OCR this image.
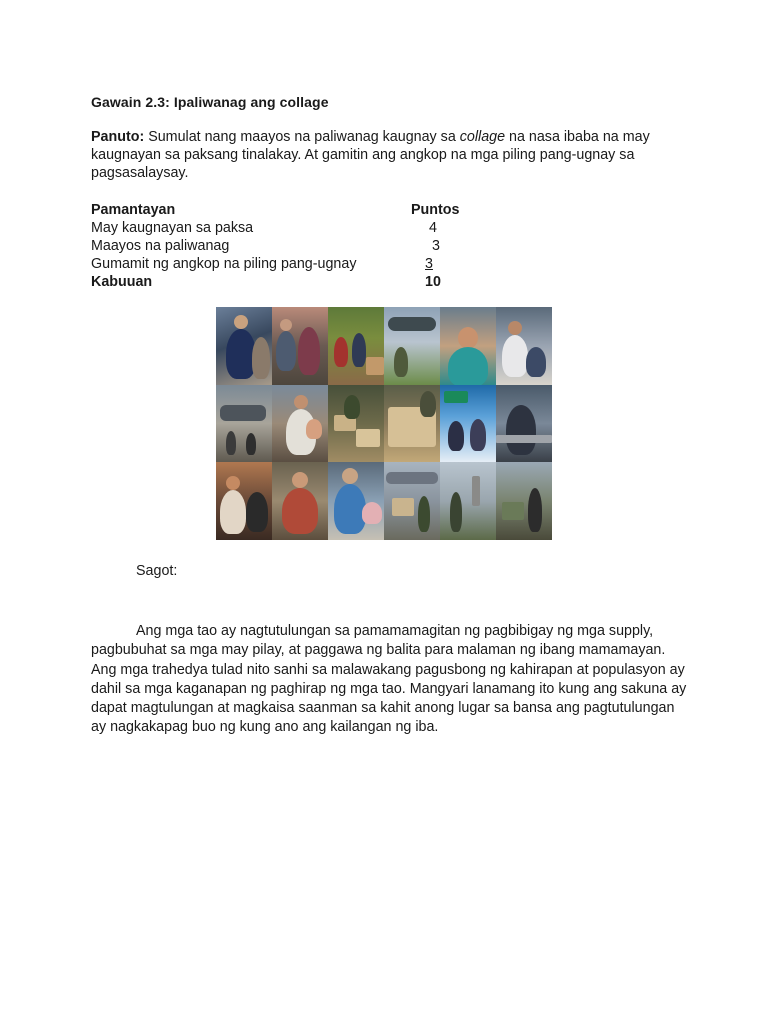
Gawain 2.3: Ipaliwanag ang collage
Panuto: Sumulat nang maayos na paliwanag kaugnay sa collage na nasa ibaba na may kaugnayan sa paksang tinalakay. At gamitin ang angkop na mga piling pang-ugnay sa pagsasalaysay.
Pamantayan	Puntos
May kaugnayan sa paksa	4
Maayos na paliwanag	3
Gumamit ng angkop na piling pang-ugnay	3
Kabuuan	10
Sagot:
Ang mga tao ay nagtutulungan sa pamamamagitan ng pagbibigay ng mga supply, pagbubuhat sa mga may pilay, at paggawa ng balita para malaman ng ibang mamamayan. Ang mga trahedya tulad nito sanhi sa malawakang pagusbong ng kahirapan at populasyon ay dahil sa mga kaganapan ng paghirap ng mga tao. Mangyari lanamang ito kung ang sakuna ay dapat magtulungan at magkaisa saanman sa kahit anong lugar sa bansa ang pagtutulungan ay nagkakapag buo ng kung ano ang kailangan ng iba.
